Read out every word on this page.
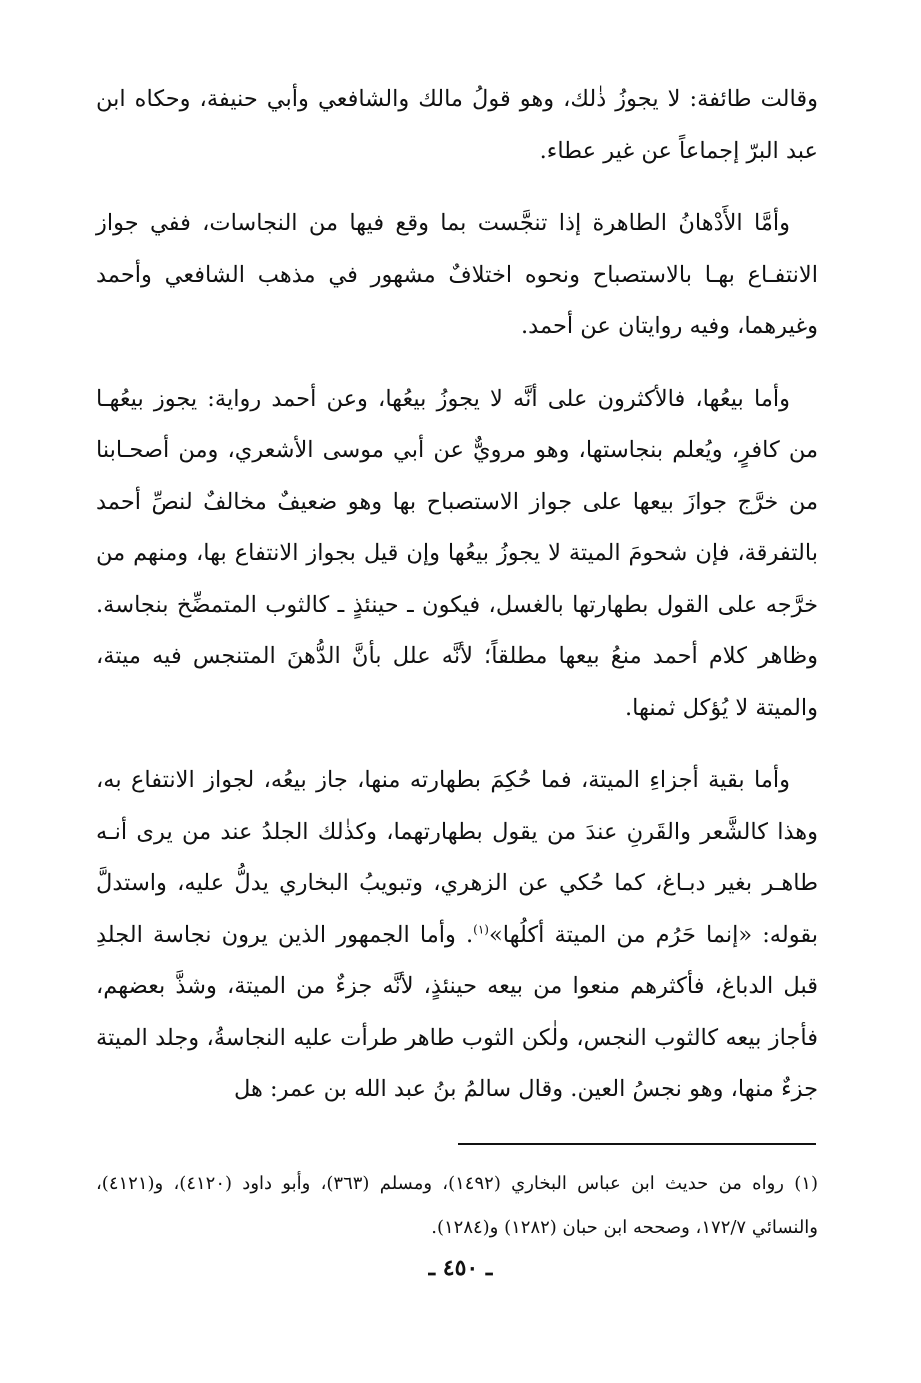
وقالت طائفة: لا يجوزُ ذٰلك، وهو قولُ مالك والشافعي وأبي حنيفة، وحكاه ابن عبد البرّ إجماعاً عن غير عطاء.

وأمَّا الأَدْهانُ الطاهرة إذا تنجَّست بما وقع فيها من النجاسات، ففي جواز الانتفـاع بهـا بالاستصباح ونحوه اختلافٌ مشهور في مذهب الشافعي وأحمد وغيرهما، وفيه روايتان عن أحمد.

وأما بيعُها، فالأكثرون على أنَّه لا يجوزُ بيعُها، وعن أحمد رواية: يجوز بيعُهـا من كافرٍ، ويُعلم بنجاستها، وهو مرويٌّ عن أبي موسى الأشعري، ومن أصحـابنا من خرَّج جوازَ بيعها على جواز الاستصباح بها وهو ضعيفٌ مخالفٌ لنصِّ أحمد بالتفرقة، فإن شحومَ الميتة لا يجوزُ بيعُها وإن قيل بجواز الانتفاع بها، ومنهم من خرَّجه على القول بطهارتها بالغسل، فيكون ـ حينئذٍ ـ كالثوب المتمضِّخ بنجاسة. وظاهر كلام أحمد منعُ بيعها مطلقاً؛ لأنَّه علل بأنَّ الدُّهنَ المتنجس فيه ميتة، والميتة لا يُؤكل ثمنها.

وأما بقية أجزاءِ الميتة، فما حُكِمَ بطهارته منها، جاز بيعُه، لجواز الانتفاع به، وهذا كالشَّعر والقَرنِ عندَ من يقول بطهارتهما، وكذٰلك الجلدُ عند من يرى أنـه طاهـر بغير دبـاغ، كما حُكي عن الزهري، وتبويبُ البخاري يدلُّ عليه، واستدلَّ بقوله: «إنما حَرُم من الميتة أكلُها»$^{(١)}$. وأما الجمهور الذين يرون نجاسة الجلدِ قبل الدباغ، فأكثرهم منعوا من بيعه حينئذٍ، لأنَّه جزءٌ من الميتة، وشذَّ بعضهم، فأجاز بيعه كالثوب النجس، ولٰكن الثوب طاهر طرأت عليه النجاسةُ، وجلد الميتة جزءٌ منها، وهو نجسُ العين. وقال سالمُ بنُ عبد الله بن عمر: هل

(١) رواه من حديث ابن عباس البخاري (١٤٩٢)، ومسلم (٣٦٣)، وأبو داود (٤١٢٠)، و(٤١٢١)، والنسائي ١٧٢/٧، وصححه ابن حبان (١٢٨٢) و(١٢٨٤).

ـ ٤٥٠ ـ
